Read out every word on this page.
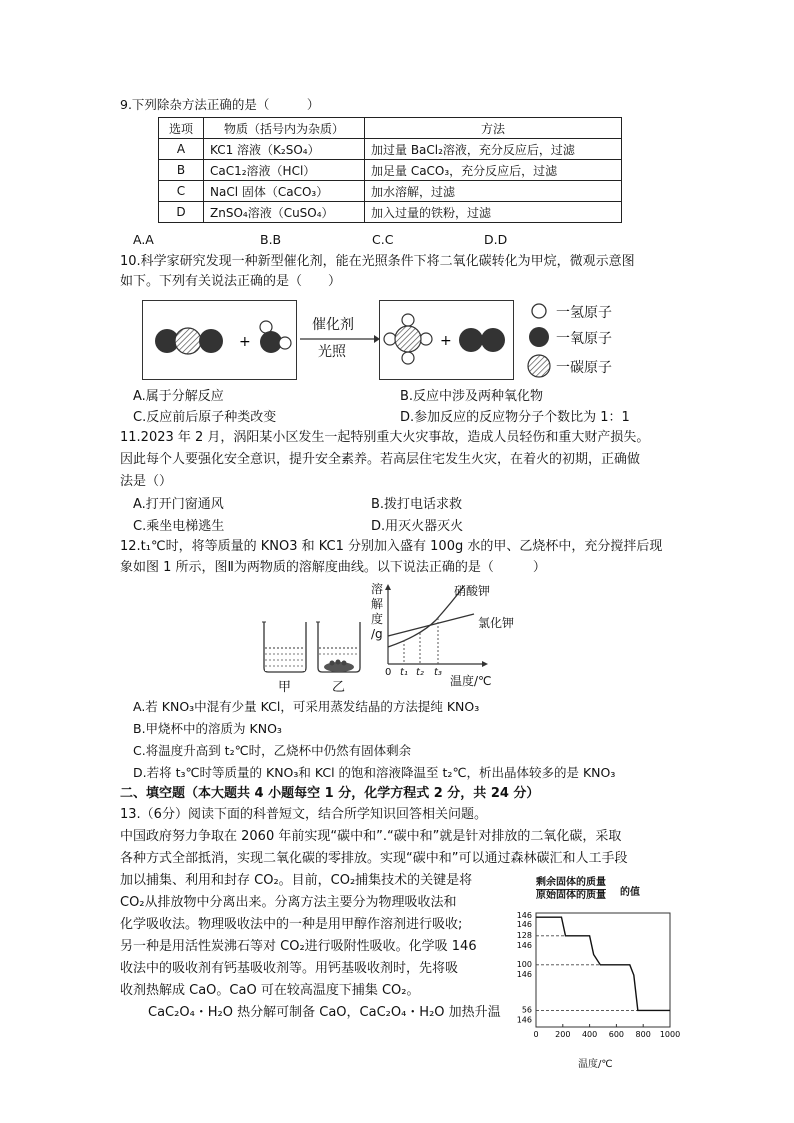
9.下列除杂方法正确的是（　　　）
选项	物质（括号内为杂质）	方法
A	KC1 溶液（K₂SO₄）	加过量 BaCl₂溶液，充分反应后，过滤
B	CaC1₂溶液（HCl）	加足量 CaCO₃，充分反应后，过滤
C	NaCl 固体（CaCO₃）	加水溶解，过滤
D	ZnSO₄溶液（CuSO₄）	加入过量的铁粉，过滤
A.A	B.B	C.C	D.D
10.科学家研究发现一种新型催化剂，能在光照条件下将二氧化碳转化为甲烷，微观示意图
如下。下列有关说法正确的是（　　）
+
催化剂
光照
+
一氢原子
一氧原子
一碳原子
A.属于分解反应	B.反应中涉及两种氧化物
C.反应前后原子种类改变	D.参加反应的反应物分子个数比为 1：1
11.2023 年 2 月，涡阳某小区发生一起特别重大火灾事故，造成人员轻伤和重大财产损失。
因此每个人要强化安全意识，提升安全素养。若高层住宅发生火灾，在着火的初期，正确做
法是（）
A.打开门窗通风	B.拨打电话求救
C.乘坐电梯逃生	D.用灭火器灭火
12.t₁℃时，将等质量的 KNO3 和 KC1 分别加入盛有 100g 水的甲、乙烧杯中，充分搅拌后现
象如图 1 所示，图Ⅱ为两物质的溶解度曲线。以下说法正确的是（　　　）
甲	乙
溶
解
度
/g
硝酸钾
氯化钾
0 t₁ t₂ t₃
温度/℃
A.若 KNO₃中混有少量 KCl，可采用蒸发结晶的方法提纯 KNO₃
B.甲烧杯中的溶质为 KNO₃
C.将温度升高到 t₂℃时，乙烧杯中仍然有固体剩余
D.若将 t₃℃时等质量的 KNO₃和 KCl 的饱和溶液降温至 t₂℃，析出晶体较多的是 KNO₃
二、填空题（本大题共 4 小题每空 1 分，化学方程式 2 分，共 24 分）
13.（6分）阅读下面的科普短文，结合所学知识回答相关问题。
中国政府努力争取在 2060 年前实现“碳中和”.“碳中和”就是针对排放的二氧化碳，采取
各种方式全部抵消，实现二氧化碳的零排放。实现“碳中和”可以通过森林碳汇和人工手段
加以捕集、利用和封存 CO₂。目前，CO₂捕集技术的关键是将
CO₂从排放物中分离出来。分离方法主要分为物理吸收法和
化学吸收法。物理吸收法中的一种是用甲醇作溶剂进行吸收;
另一种是用活性炭沸石等对 CO₂进行吸附性吸收。化学吸 146
收法中的吸收剂有钙基吸收剂等。用钙基吸收剂时，先将吸
收剂热解成 CaO。CaO 可在较高温度下捕集 CO₂。
CaC₂O₄・H₂O 热分解可制备 CaO，CaC₂O₄・H₂O 加热升温
剩余固体的质量
原始固体的质量 的值
146
146
128
146
100
146
56
146
0 200 400 600 800 1000
温度/℃
